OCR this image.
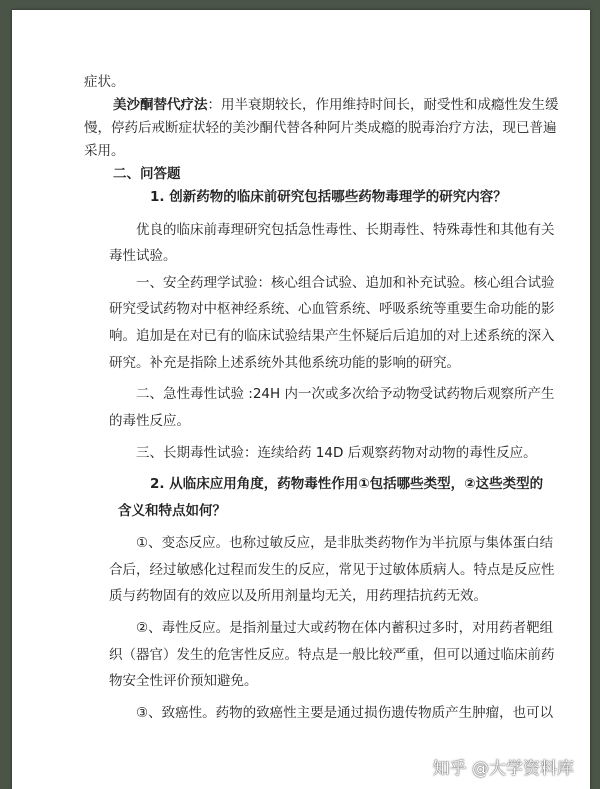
症状。
美沙酮替代疗法：用半衰期较长，作用维持时间长，耐受性和成瘾性发生缓
慢，停药后戒断症状轻的美沙酮代替各种阿片类成瘾的脱毒治疗方法，现已普遍
采用。
二、问答题
1. 创新药物的临床前研究包括哪些药物毒理学的研究内容？
优良的临床前毒理研究包括急性毒性、长期毒性、特殊毒性和其他有关
毒性试验。
一、安全药理学试验：核心组合试验、追加和补充试验。核心组合试验
研究受试药物对中枢神经系统、心血管系统、呼吸系统等重要生命功能的影
响。追加是在对已有的临床试验结果产生怀疑后后追加的对上述系统的深入
研究。补充是指除上述系统外其他系统功能的影响的研究。
二、急性毒性试验 :24H 内一次或多次给予动物受试药物后观察所产生
的毒性反应。
三、长期毒性试验：连续给药 14D 后观察药物对动物的毒性反应。
2. 从临床应用角度，药物毒性作用①包括哪些类型，②这些类型的
含义和特点如何？
①、变态反应。也称过敏反应，是非肽类药物作为半抗原与集体蛋白结
合后，经过敏感化过程而发生的反应，常见于过敏体质病人。特点是反应性
质与药物固有的效应以及所用剂量均无关，用药理拮抗药无效。
②、毒性反应。是指剂量过大或药物在体内蓄积过多时，对用药者靶组
织（器官）发生的危害性反应。特点是一般比较严重，但可以通过临床前药
物安全性评价预知避免。
③、致癌性。药物的致癌性主要是通过损伤遗传物质产生肿瘤，也可以
知乎 @大学资料库
